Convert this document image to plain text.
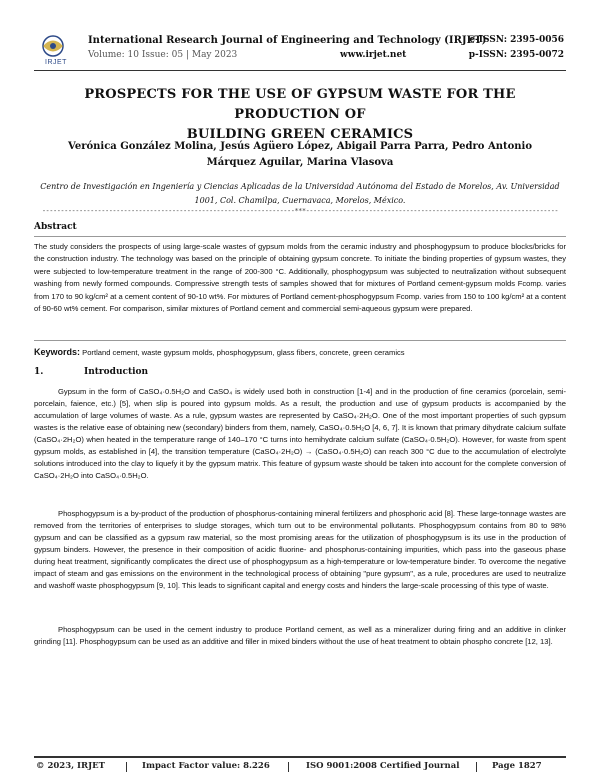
IRJET
International Research Journal of Engineering and Technology (IRJET)
Volume: 10 Issue: 05 | May 2023	www.irjet.net
e-ISSN: 2395-0056
p-ISSN: 2395-0072
PROSPECTS FOR THE USE OF GYPSUM WASTE FOR THE PRODUCTION OF
BUILDING GREEN CERAMICS
Verónica González Molina, Jesús Agüero López, Abigail Parra Parra, Pedro Antonio Márquez Aguilar, Marina Vlasova
Centro de Investigación en Ingeniería y Ciencias Aplicadas de la Universidad Autónoma del Estado de Morelos, Av. Universidad 1001, Col. Chamilpa, Cuernavaca, Morelos, México.
--------------------------------------------------------------------***--------------------------------------------------------------------
Abstract
The study considers the prospects of using large-scale wastes of gypsum molds from the ceramic industry and phosphogypsum to produce blocks/bricks for the construction industry. The technology was based on the principle of obtaining gypsum concrete. To initiate the binding properties of gypsum wastes, they were subjected to low-temperature treatment in the range of 200-300 °C. Additionally, phosphogypsum was subjected to neutralization without subsequent washing from newly formed compounds. Compressive strength tests of samples showed that for mixtures of Portland cement-gypsum molds Fcomp. varies from 170 to 90 kg/cm² at a cement content of 90-10 wt%. For mixtures of Portland cement-phosphogypsum Fcomp. varies from 150 to 100 kg/cm² at a content of 90-60 wt% cement. For comparison, similar mixtures of Portland cement and commercial semi-aqueous gypsum were prepared.
Keywords: Portland cement, waste gypsum molds, phosphogypsum, glass fibers, concrete, green ceramics
1.	Introduction
Gypsum in the form of CaSO₄·0.5H₂O and CaSO₄ is widely used both in construction [1-4] and in the production of fine ceramics (porcelain, semi-porcelain, faience, etc.) [5], when slip is poured into gypsum molds. As a result, the production and use of gypsum products is accompanied by the accumulation of large volumes of waste. As a rule, gypsum wastes are represented by CaSO₄·2H₂O. One of the most important properties of such gypsum wastes is the relative ease of obtaining new (secondary) binders from them, namely, CaSO₄·0.5H₂O [4, 6, 7]. It is known that primary dihydrate calcium sulfate (CaSO₄·2H₂O) when heated in the temperature range of 140–170 °C turns into hemihydrate calcium sulfate (CaSO₄·0.5H₂O). However, for waste from spent gypsum molds, as established in [4], the transition temperature (CaSO₄·2H₂O) → (CaSO₄·0.5H₂O) can reach 300 °C due to the accumulation of electrolyte solutions introduced into the clay to liquefy it by the gypsum matrix. This feature of gypsum waste should be taken into account for the complete conversion of CaSO₄·2H₂O into CaSO₄·0.5H₂O.
Phosphogypsum is a by-product of the production of phosphorus-containing mineral fertilizers and phosphoric acid [8]. These large-tonnage wastes are removed from the territories of enterprises to sludge storages, which turn out to be environmental pollutants. Phosphogypsum contains from 80 to 98% gypsum and can be classified as a gypsum raw material, so the most promising areas for the utilization of phosphogypsum is its use in the production of gypsum binders. However, the presence in their composition of acidic fluorine- and phosphorus-containing impurities, which pass into the gaseous phase during heat treatment, significantly complicates the direct use of phosphogypsum as a high-temperature or low-temperature binder. To overcome the negative impact of steam and gas emissions on the environment in the technological process of obtaining "pure gypsum", as a rule, procedures are used to neutralize and washoff waste phosphogypsum [9, 10]. This leads to significant capital and energy costs and hinders the large-scale processing of this type of waste.
Phosphogypsum can be used in the cement industry to produce Portland cement, as well as a mineralizer during firing and an additive in clinker grinding [11]. Phosphogypsum can be used as an additive and filler in mixed binders without the use of heat treatment to obtain phospho concrete [12, 13].
© 2023, IRJET	Impact Factor value: 8.226	ISO 9001:2008 Certified Journal	Page 1827
